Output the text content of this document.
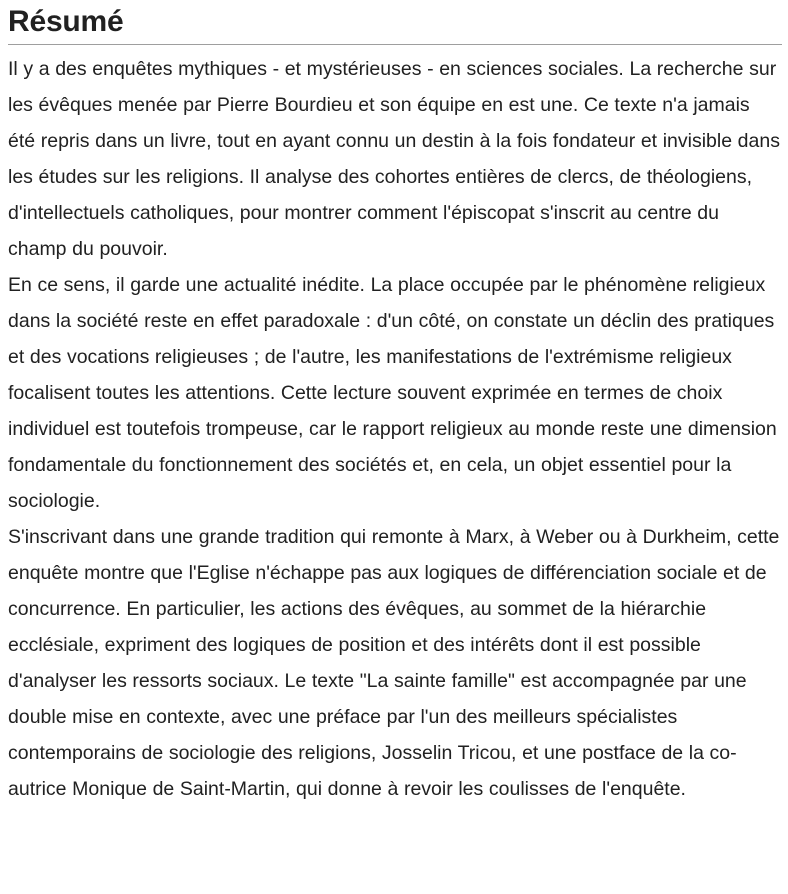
Résumé
Il y a des enquêtes mythiques - et mystérieuses - en sciences sociales. La recherche sur les évêques menée par Pierre Bourdieu et son équipe en est une. Ce texte n'a jamais été repris dans un livre, tout en ayant connu un destin à la fois fondateur et invisible dans les études sur les religions. Il analyse des cohortes entières de clercs, de théologiens, d'intellectuels catholiques, pour montrer comment l'épiscopat s'inscrit au centre du champ du pouvoir.
En ce sens, il garde une actualité inédite. La place occupée par le phénomène religieux dans la société reste en effet paradoxale : d'un côté, on constate un déclin des pratiques et des vocations religieuses ; de l'autre, les manifestations de l'extrémisme religieux focalisent toutes les attentions. Cette lecture souvent exprimée en termes de choix individuel est toutefois trompeuse, car le rapport religieux au monde reste une dimension fondamentale du fonctionnement des sociétés et, en cela, un objet essentiel pour la sociologie.
S'inscrivant dans une grande tradition qui remonte à Marx, à Weber ou à Durkheim, cette enquête montre que l'Eglise n'échappe pas aux logiques de différenciation sociale et de concurrence. En particulier, les actions des évêques, au sommet de la hiérarchie ecclésiale, expriment des logiques de position et des intérêts dont il est possible d'analyser les ressorts sociaux. Le texte "La sainte famille" est accompagnée par une double mise en contexte, avec une préface par l'un des meilleurs spécialistes contemporains de sociologie des religions, Josselin Tricou, et une postface de la co-autrice Monique de Saint-Martin, qui donne à revoir les coulisses de l'enquête.
